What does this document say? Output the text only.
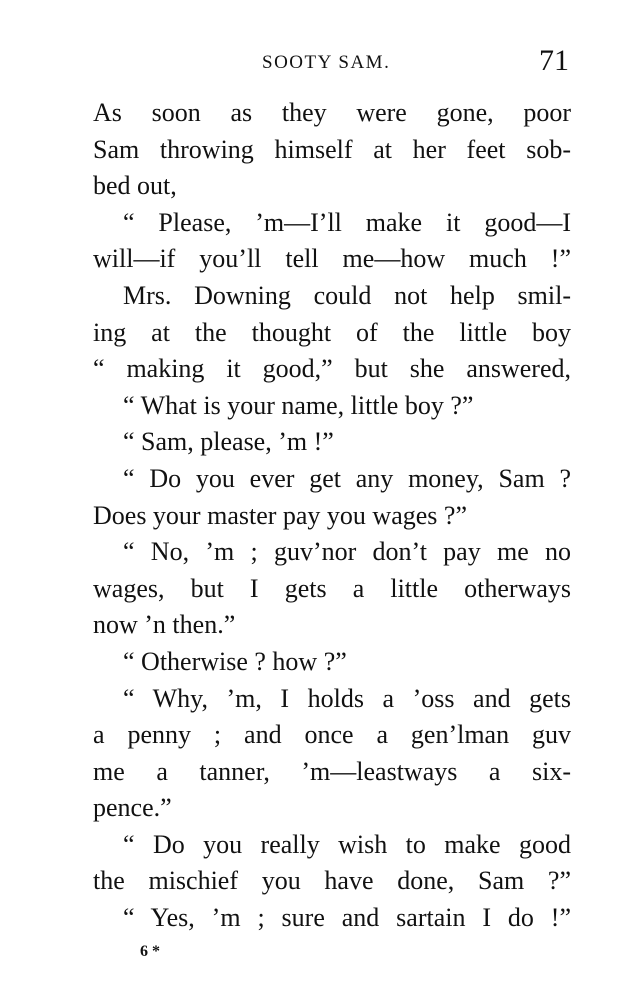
SOOTY SAM.	71
As soon as they were gone, poor
Sam throwing himself at her feet sob-
bed out,
“ Please, ’m—I’ll make it good—I
will—if you’ll tell me—how much !”
Mrs. Downing could not help smil-
ing at the thought of the little boy
“ making it good,” but she answered,
“ What is your name, little boy ?”
“ Sam, please, ’m !”
“ Do you ever get any money, Sam ?
Does your master pay you wages ?”
“ No, ’m ; guv’nor don’t pay me no
wages, but I gets a little otherways
now ’n then.”
“ Otherwise ? how ?”
“ Why, ’m, I holds a ’oss and gets
a penny ; and once a gen’lman guv
me a tanner, ’m—leastways a six-
pence.”
“ Do you really wish to make good
the mischief you have done, Sam ?”
“ Yes, ’m ; sure and sartain I do !”
6 *
